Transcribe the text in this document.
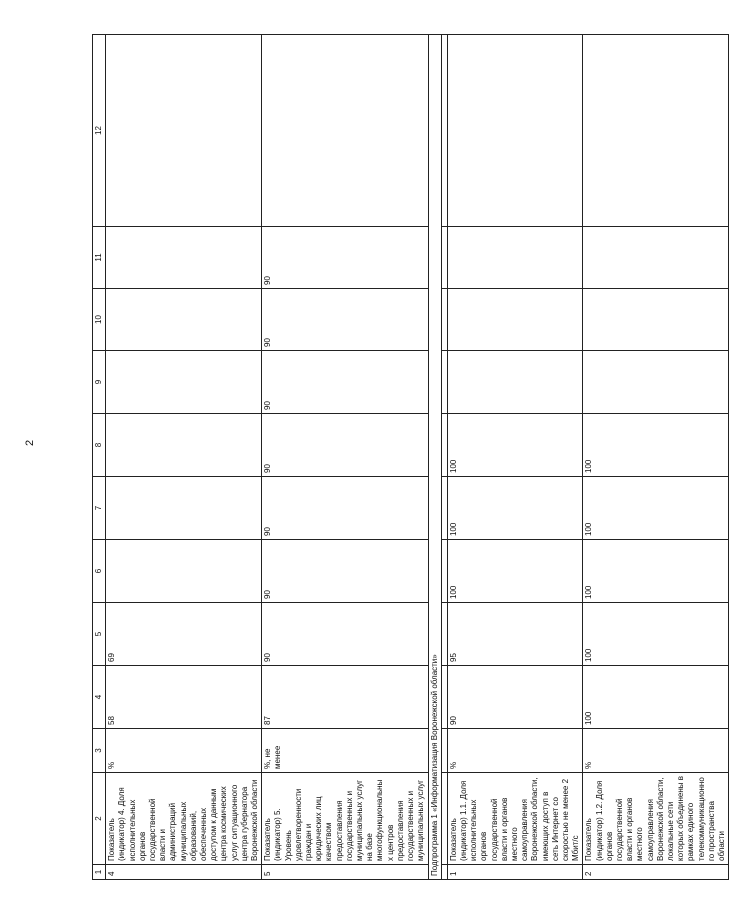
2
1	2	3	4	5	6	7	8	9	10	11	12
4	Показатель (индикатор) 4. Доля исполнительных органов государственной власти и администраций муниципальных образований, обеспеченных доступом к данным центра космических услуг ситуационного центра губернатора Воронежской области	%	58	69							
5	Показатель (индикатор) 5. Уровень удовлетворенности граждан и юридических лиц качеством предоставления государственных и муниципальных услуг на базе многофункциональных центров предоставления государственных и муниципальных услуг	%, не менее	87	90	90	90	90	90	90	90	
Подпрограмма 1 «Информатизация Воронежской области»											

1	Показатель (индикатор) 1.1. Доля исполнительных органов государственной власти и органов местного самоуправления Воронежской области, имеющих доступ в сеть Интернет со скоростью не менее 2 Мбит/с	%	90	95	100	100	100				
2	Показатель (индикатор) 1.2. Доля органов государственной власти и органов местного самоуправления Воронежской области, локальные сети которых объединены в рамках единого телекоммуникационного пространства области	%	100	100	100	100	100				
